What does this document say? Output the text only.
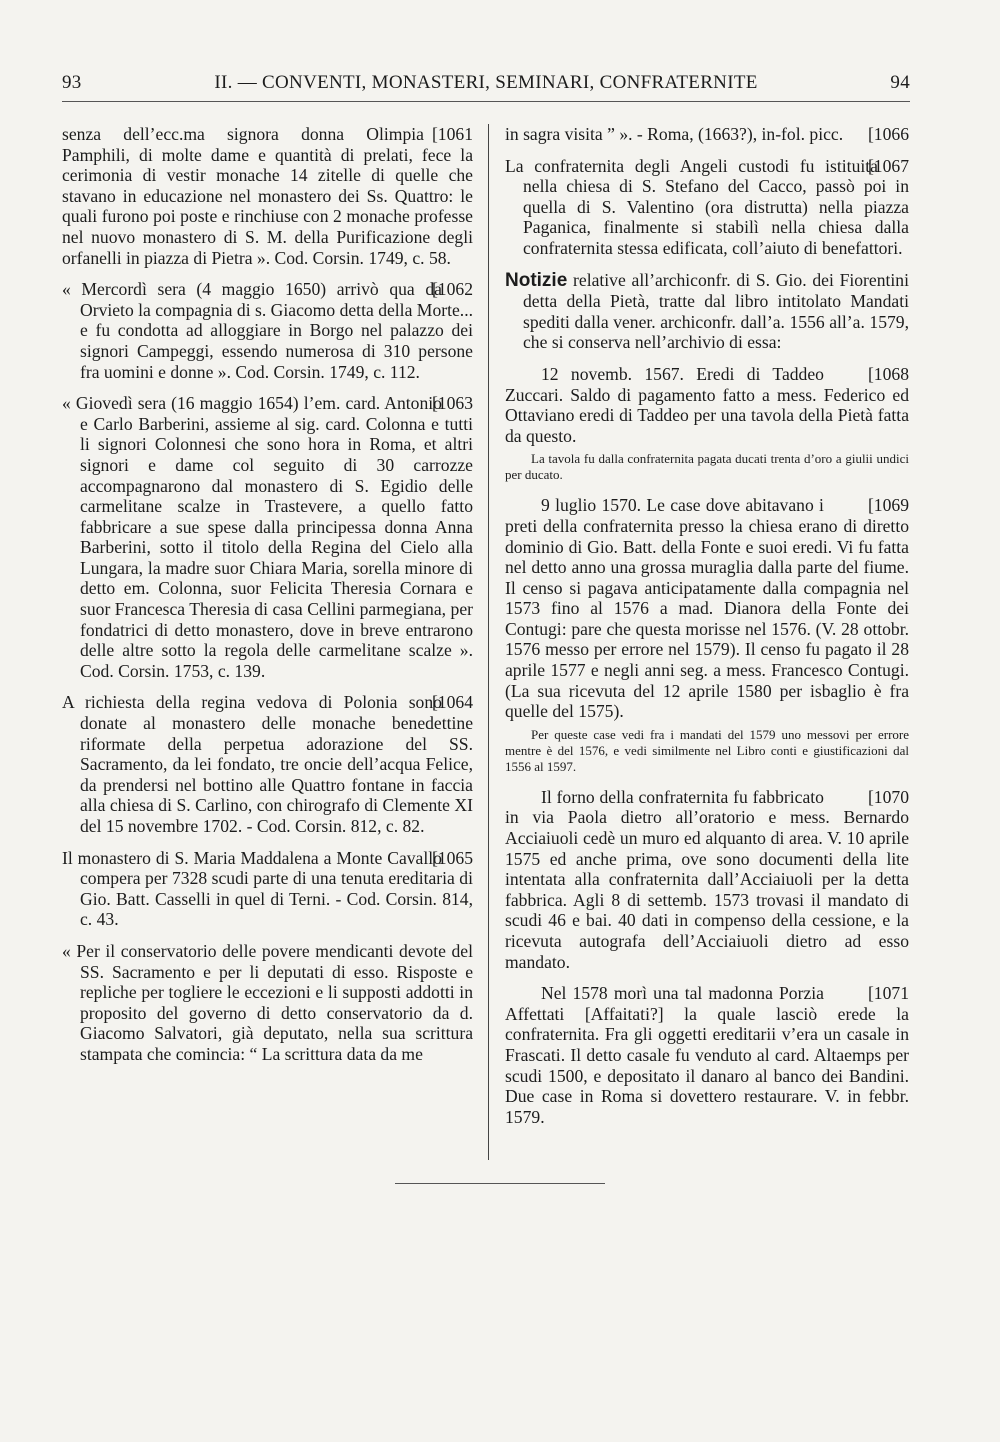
93	II. — CONVENTI, MONASTERI, SEMINARI, CONFRATERNITE	94

[1061
senza dell’ecc.ma signora donna Olimpia Pamphili, di molte dame e quantità di prelati, fece la cerimonia di vestir monache 14 zitelle di quelle che stavano in educazione nel monastero dei Ss. Quattro: le quali furono poi poste e rinchiuse con 2 monache professe nel nuovo monastero di S. M. della Purificazione degli orfanelli in piazza di Pietra ». Cod. Corsin. 1749, c. 58.

[1062
« Mercordì sera (4 maggio 1650) arrivò qua da Orvieto la compagnia di s. Giacomo detta della Morte... e fu condotta ad alloggiare in Borgo nel palazzo dei signori Campeggi, essendo numerosa di 310 persone fra uomini e donne ». Cod. Corsin. 1749, c. 112.

[1063
« Giovedì sera (16 maggio 1654) l’em. card. Antonio e Carlo Barberini, assieme al sig. card. Colonna e tutti li signori Colonnesi che sono hora in Roma, et altri signori e dame col seguito di 30 carrozze accompagnarono dal monastero di S. Egidio delle carmelitane scalze in Trastevere, a quello fatto fabbricare a sue spese dalla principessa donna Anna Barberini, sotto il titolo della Regina del Cielo alla Lungara, la madre suor Chiara Maria, sorella minore di detto em. Colonna, suor Felicita Theresia Cornara e suor Francesca Theresia di casa Cellini parmegiana, per fondatrici di detto monastero, dove in breve entrarono delle altre sotto la regola delle carmelitane scalze ». Cod. Corsin. 1753, c. 139.

[1064
A richiesta della regina vedova di Polonia sono donate al monastero delle monache benedettine riformate della perpetua adorazione del SS. Sacramento, da lei fondato, tre oncie dell’acqua Felice, da prendersi nel bottino alle Quattro fontane in faccia alla chiesa di S. Carlino, con chirografo di Clemente XI del 15 novembre 1702. - Cod. Corsin. 812, c. 82.

[1065
Il monastero di S. Maria Maddalena a Monte Cavallo compera per 7328 scudi parte di una tenuta ereditaria di Gio. Batt. Casselli in quel di Terni. - Cod. Corsin. 814, c. 43.

« Per il conservatorio delle povere mendicanti devote del SS. Sacramento e per li deputati di esso. Risposte e repliche per togliere le eccezioni e li supposti addotti in proposito del governo di detto conservatorio da d. Giacomo Salvatori, già deputato, nella sua scrittura stampata che comincia: “ La scrittura data da me

[1066
in sagra visita ” ». - Roma, (1663?), in-fol. picc.

[1067
La confraternita degli Angeli custodi fu istituita nella chiesa di S. Stefano del Cacco, passò poi in quella di S. Valentino (ora distrutta) nella piazza Paganica, finalmente si stabilì nella chiesa dalla confraternita stessa edificata, coll’aiuto di benefattori.

Notizie relative all’archiconfr. di S. Gio. dei Fiorentini detta della Pietà, tratte dal libro intitolato Mandati spediti dalla vener. archiconfr. dall’a. 1556 all’a. 1579, che si conserva nell’archivio di essa:

[1068
12 novemb. 1567. Eredi di Taddeo Zuccari. Saldo di pagamento fatto a mess. Federico ed Ottaviano eredi di Taddeo per una tavola della Pietà fatta da questo.

La tavola fu dalla confraternita pagata ducati trenta d’oro a giulii undici per ducato.

[1069
9 luglio 1570. Le case dove abitavano i preti della confraternita presso la chiesa erano di diretto dominio di Gio. Batt. della Fonte e suoi eredi. Vi fu fatta nel detto anno una grossa muraglia dalla parte del fiume. Il censo si pagava anticipatamente dalla compagnia nel 1573 fino al 1576 a mad. Dianora della Fonte dei Contugi: pare che questa morisse nel 1576. (V. 28 ottobr. 1576 messo per errore nel 1579). Il censo fu pagato il 28 aprile 1577 e negli anni seg. a mess. Francesco Contugi. (La sua ricevuta del 12 aprile 1580 per isbaglio è fra quelle del 1575).

Per queste case vedi fra i mandati del 1579 uno messovi per errore mentre è del 1576, e vedi similmente nel Libro conti e giustificazioni dal 1556 al 1597.

[1070
Il forno della confraternita fu fabbricato in via Paola dietro all’oratorio e mess. Bernardo Acciaiuoli cedè un muro ed alquanto di area. V. 10 aprile 1575 ed anche prima, ove sono documenti della lite intentata alla confraternita dall’Acciaiuoli per la detta fabbrica. Agli 8 di settemb. 1573 trovasi il mandato di scudi 46 e bai. 40 dati in compenso della cessione, e la ricevuta autografa dell’Acciaiuoli dietro ad esso mandato.

[1071
Nel 1578 morì una tal madonna Porzia Affettati [Affaitati?] la quale lasciò erede la confraternita. Fra gli oggetti ereditarii v’era un casale in Frascati. Il detto casale fu venduto al card. Altaemps per scudi 1500, e depositato il danaro al banco dei Bandini. Due case in Roma si dovettero restaurare. V. in febbr. 1579.
